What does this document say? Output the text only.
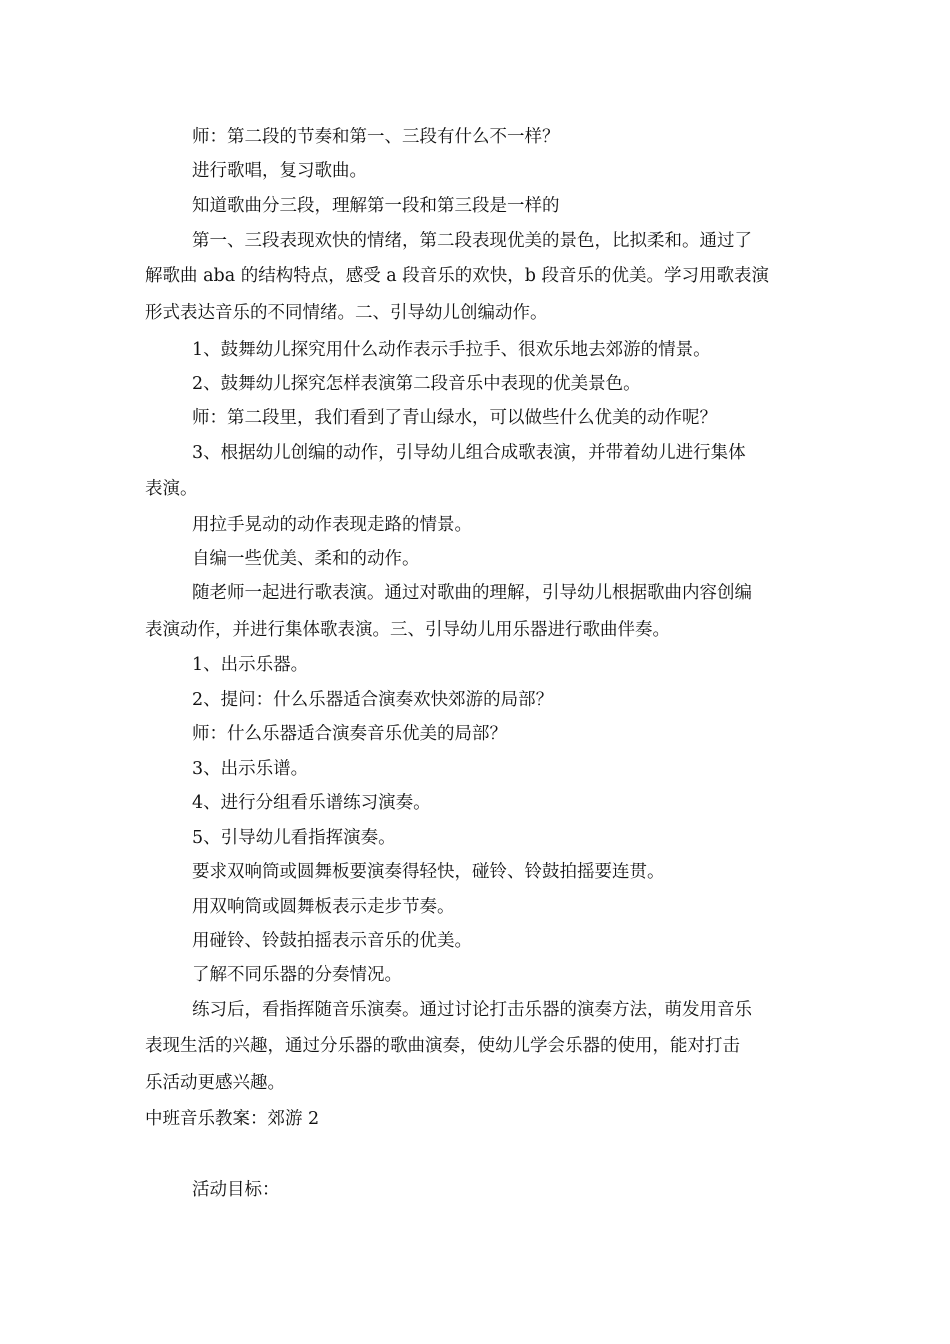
师：第二段的节奏和第一、三段有什么不一样？
进行歌唱，复习歌曲。
知道歌曲分三段，理解第一段和第三段是一样的
第一、三段表现欢快的情绪，第二段表现优美的景色，比拟柔和。通过了
解歌曲 aba 的结构特点，感受 a 段音乐的欢快，b 段音乐的优美。学习用歌表演
形式表达音乐的不同情绪。二、引导幼儿创编动作。
1、鼓舞幼儿探究用什么动作表示手拉手、很欢乐地去郊游的情景。
2、鼓舞幼儿探究怎样表演第二段音乐中表现的优美景色。
师：第二段里，我们看到了青山绿水，可以做些什么优美的动作呢？
3、根据幼儿创编的动作，引导幼儿组合成歌表演，并带着幼儿进行集体
表演。
用拉手晃动的动作表现走路的情景。
自编一些优美、柔和的动作。
随老师一起进行歌表演。通过对歌曲的理解，引导幼儿根据歌曲内容创编
表演动作，并进行集体歌表演。三、引导幼儿用乐器进行歌曲伴奏。
1、出示乐器。
2、提问：什么乐器适合演奏欢快郊游的局部？
师：什么乐器适合演奏音乐优美的局部？
3、出示乐谱。
4、进行分组看乐谱练习演奏。
5、引导幼儿看指挥演奏。
要求双响筒或圆舞板要演奏得轻快，碰铃、铃鼓拍摇要连贯。
用双响筒或圆舞板表示走步节奏。
用碰铃、铃鼓拍摇表示音乐的优美。
了解不同乐器的分奏情况。
练习后，看指挥随音乐演奏。通过讨论打击乐器的演奏方法，萌发用音乐
表现生活的兴趣，通过分乐器的歌曲演奏，使幼儿学会乐器的使用，能对打击
乐活动更感兴趣。
中班音乐教案：郊游 2
活动目标：
